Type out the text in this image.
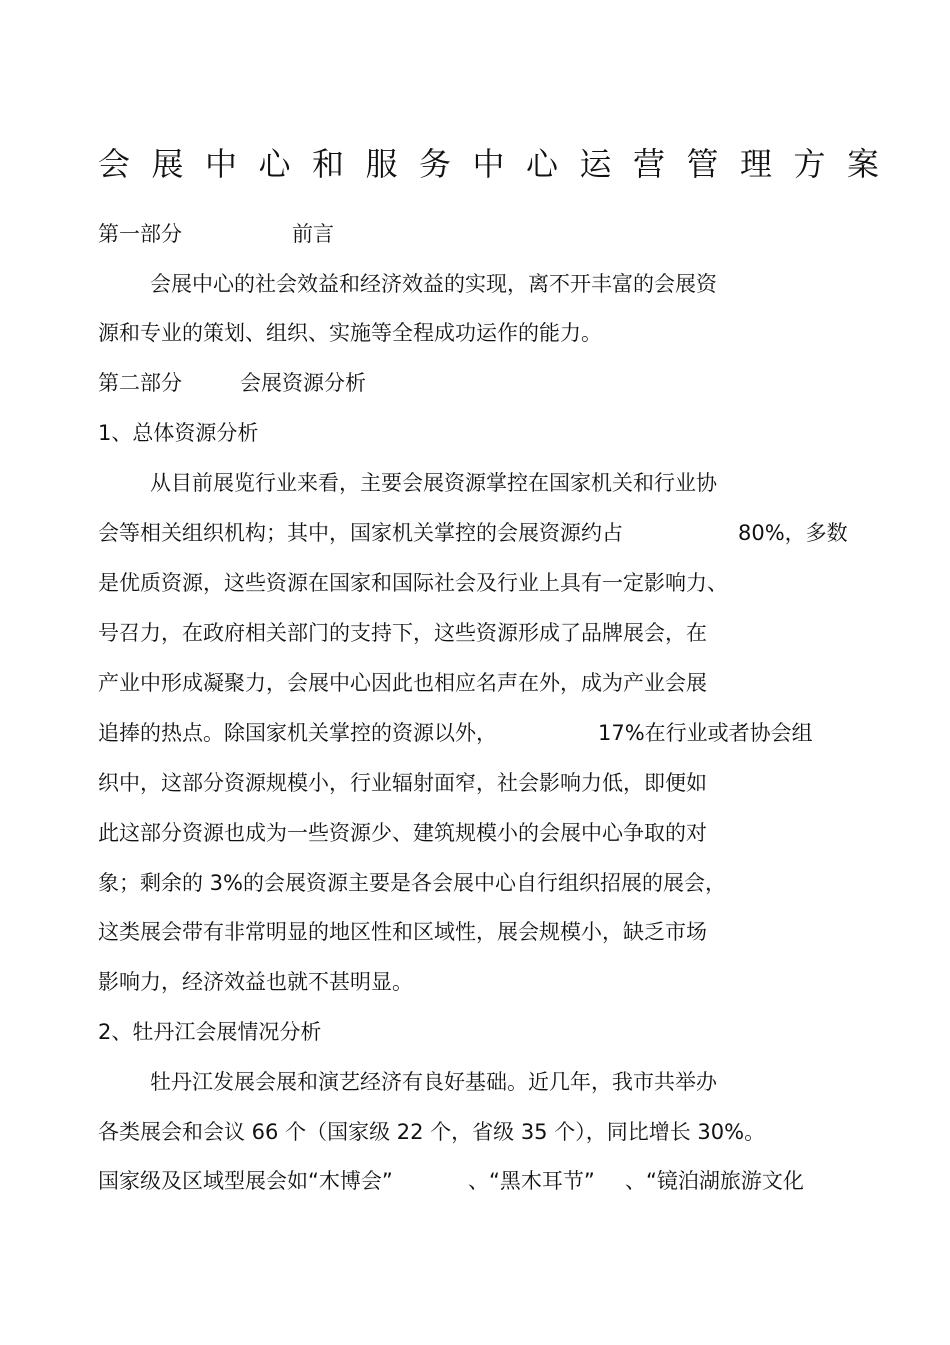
会展中心和服务中心运营管理方案
第一部分	前言
会展中心的社会效益和经济效益的实现，离不开丰富的会展资
源和专业的策划、组织、实施等全程成功运作的能力。
第二部分	会展资源分析
1、总体资源分析
从目前展览行业来看，主要会展资源掌控在国家机关和行业协
会等相关组织机构；其中，国家机关掌控的会展资源约占	80%，多数
是优质资源，这些资源在国家和国际社会及行业上具有一定影响力、
号召力，在政府相关部门的支持下，这些资源形成了品牌展会，在
产业中形成凝聚力，会展中心因此也相应名声在外，成为产业会展
追捧的热点。除国家机关掌控的资源以外，	17%在行业或者协会组
织中，这部分资源规模小，行业辐射面窄，社会影响力低，即便如
此这部分资源也成为一些资源少、建筑规模小的会展中心争取的对
象；剩余的 3%的会展资源主要是各会展中心自行组织招展的展会，
这类展会带有非常明显的地区性和区域性，展会规模小，缺乏市场
影响力，经济效益也就不甚明显。
2、牡丹江会展情况分析
牡丹江发展会展和演艺经济有良好基础。近几年，我市共举办
各类展会和会议 66 个（国家级 22 个，省级 35 个），同比增长 30%。
国家级及区域型展会如“木博会”	、“黑木耳节” 、“镜泊湖旅游文化
